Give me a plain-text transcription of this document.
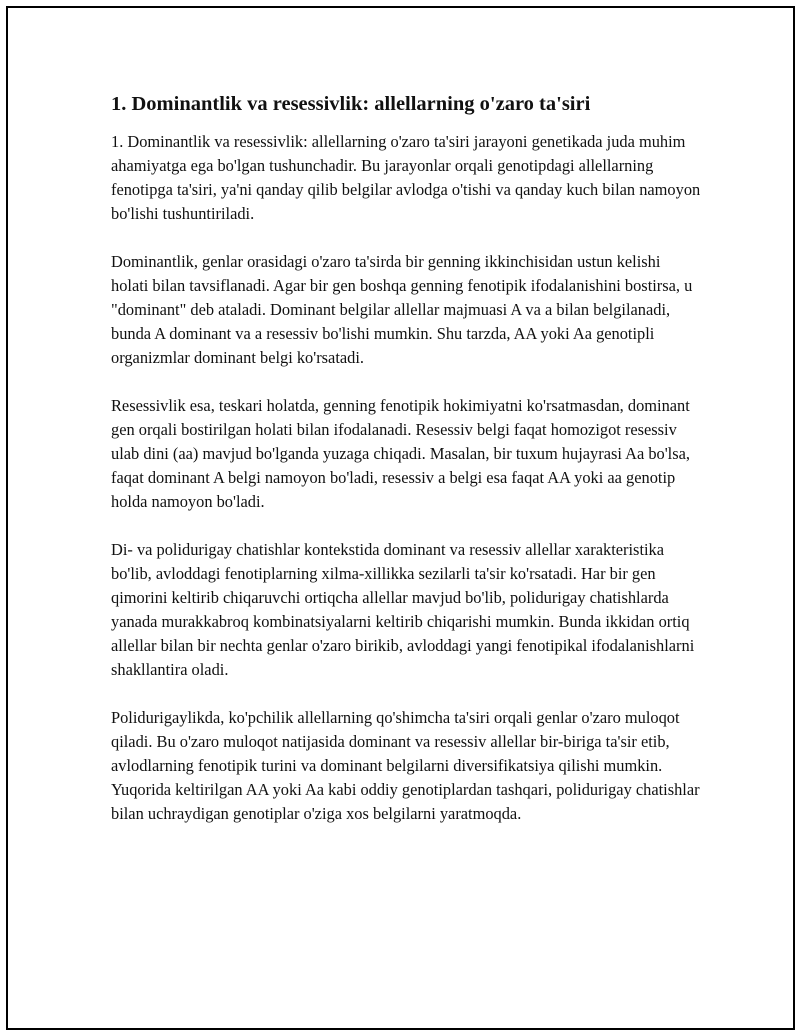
1. Dominantlik va resessivlik: allellarning o'zaro ta'siri

1. Dominantlik va resessivlik: allellarning o'zaro ta'siri jarayoni genetikada juda muhim ahamiyatga ega bo'lgan tushunchadir. Bu jarayonlar orqali genotipdagi allellarning fenotipga ta'siri, ya'ni qanday qilib belgilar avlodga o'tishi va qanday kuch bilan namoyon bo'lishi tushuntiriladi.

Dominantlik, genlar orasidagi o'zaro ta'sirda bir genning ikkinchisidan ustun kelishi holati bilan tavsiflanadi. Agar bir gen boshqa genning fenotipik ifodalanishini bostirsa, u "dominant" deb ataladi. Dominant belgilar allellar majmuasi A va a bilan belgilanadi, bunda A dominant va a resessiv bo'lishi mumkin. Shu tarzda, AA yoki Aa genotipli organizmlar dominant belgi ko'rsatadi.

Resessivlik esa, teskari holatda, genning fenotipik hokimiyatni ko'rsatmasdan, dominant gen orqali bostirilgan holati bilan ifodalanadi. Resessiv belgi faqat homozigot resessiv ulab dini (aa) mavjud bo'lganda yuzaga chiqadi. Masalan, bir tuxum hujayrasi Aa bo'lsa, faqat dominant A belgi namoyon bo'ladi, resessiv a belgi esa faqat AA yoki aa genotip holda namoyon bo'ladi.

Di- va polidurigay chatishlar kontekstida dominant va resessiv allellar xarakteristika bo'lib, avloddagi fenotiplarning xilma-xillikka sezilarli ta'sir ko'rsatadi. Har bir gen qimorini keltirib chiqaruvchi ortiqcha allellar mavjud bo'lib, polidurigay chatishlarda yanada murakkabroq kombinatsiyalarni keltirib chiqarishi mumkin. Bunda ikkidan ortiq allellar bilan bir nechta genlar o'zaro birikib, avloddagi yangi fenotipikal ifodalanishlarni shakllantira oladi.

Polidurigaylikda, ko'pchilik allellarning qo'shimcha ta'siri orqali genlar o'zaro muloqot qiladi. Bu o'zaro muloqot natijasida dominant va resessiv allellar bir-biriga ta'sir etib, avlodlarning fenotipik turini va dominant belgilarni diversifikatsiya qilishi mumkin. Yuqorida keltirilgan AA yoki Aa kabi oddiy genotiplardan tashqari, polidurigay chatishlar bilan uchraydigan genotiplar o'ziga xos belgilarni yaratmoqda.
